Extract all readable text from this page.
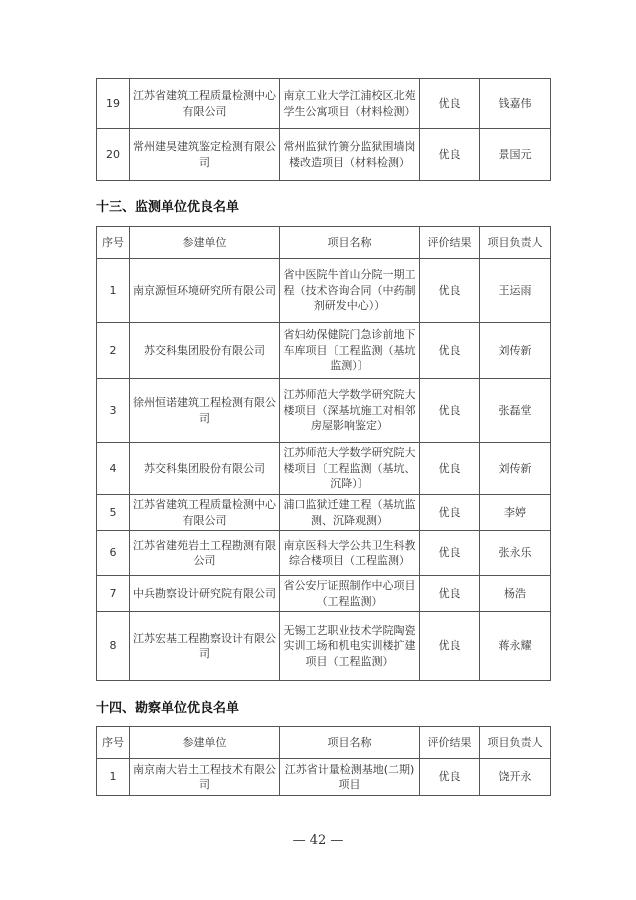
19	江苏省建筑工程质量检测中心有限公司	南京工业大学江浦校区北苑学生公寓项目（材料检测）	优良	钱嘉伟
20	常州建昊建筑鉴定检测有限公司	常州监狱竹箦分监狱围墙岗楼改造项目（材料检测）	优良	景国元
十三、监测单位优良名单
序号	参建单位	项目名称	评价结果	项目负责人
1	南京源恒环境研究所有限公司	省中医院牛首山分院一期工程（技术咨询合同（中药制剂研发中心））	优良	王运雨
2	苏交科集团股份有限公司	省妇幼保健院门急诊前地下车库项目〔工程监测（基坑监测）〕	优良	刘传新
3	徐州恒诺建筑工程检测有限公司	江苏师范大学数学研究院大楼项目（深基坑施工对相邻房屋影响鉴定）	优良	张磊堂
4	苏交科集团股份有限公司	江苏师范大学数学研究院大楼项目〔工程监测（基坑、沉降）〕	优良	刘传新
5	江苏省建筑工程质量检测中心有限公司	浦口监狱迁建工程（基坑监测、沉降观测）	优良	李婷
6	江苏省建苑岩土工程勘测有限公司	南京医科大学公共卫生科教综合楼项目（工程监测）	优良	张永乐
7	中兵勘察设计研究院有限公司	省公安厅证照制作中心项目（工程监测）	优良	杨浩
8	江苏宏基工程勘察设计有限公司	无锡工艺职业技术学院陶瓷实训工场和机电实训楼扩建项目（工程监测）	优良	蒋永耀
十四、勘察单位优良名单
序号	参建单位	项目名称	评价结果	项目负责人
1	南京南大岩土工程技术有限公司	江苏省计量检测基地(二期)项目	优良	饶开永
— 42 —
